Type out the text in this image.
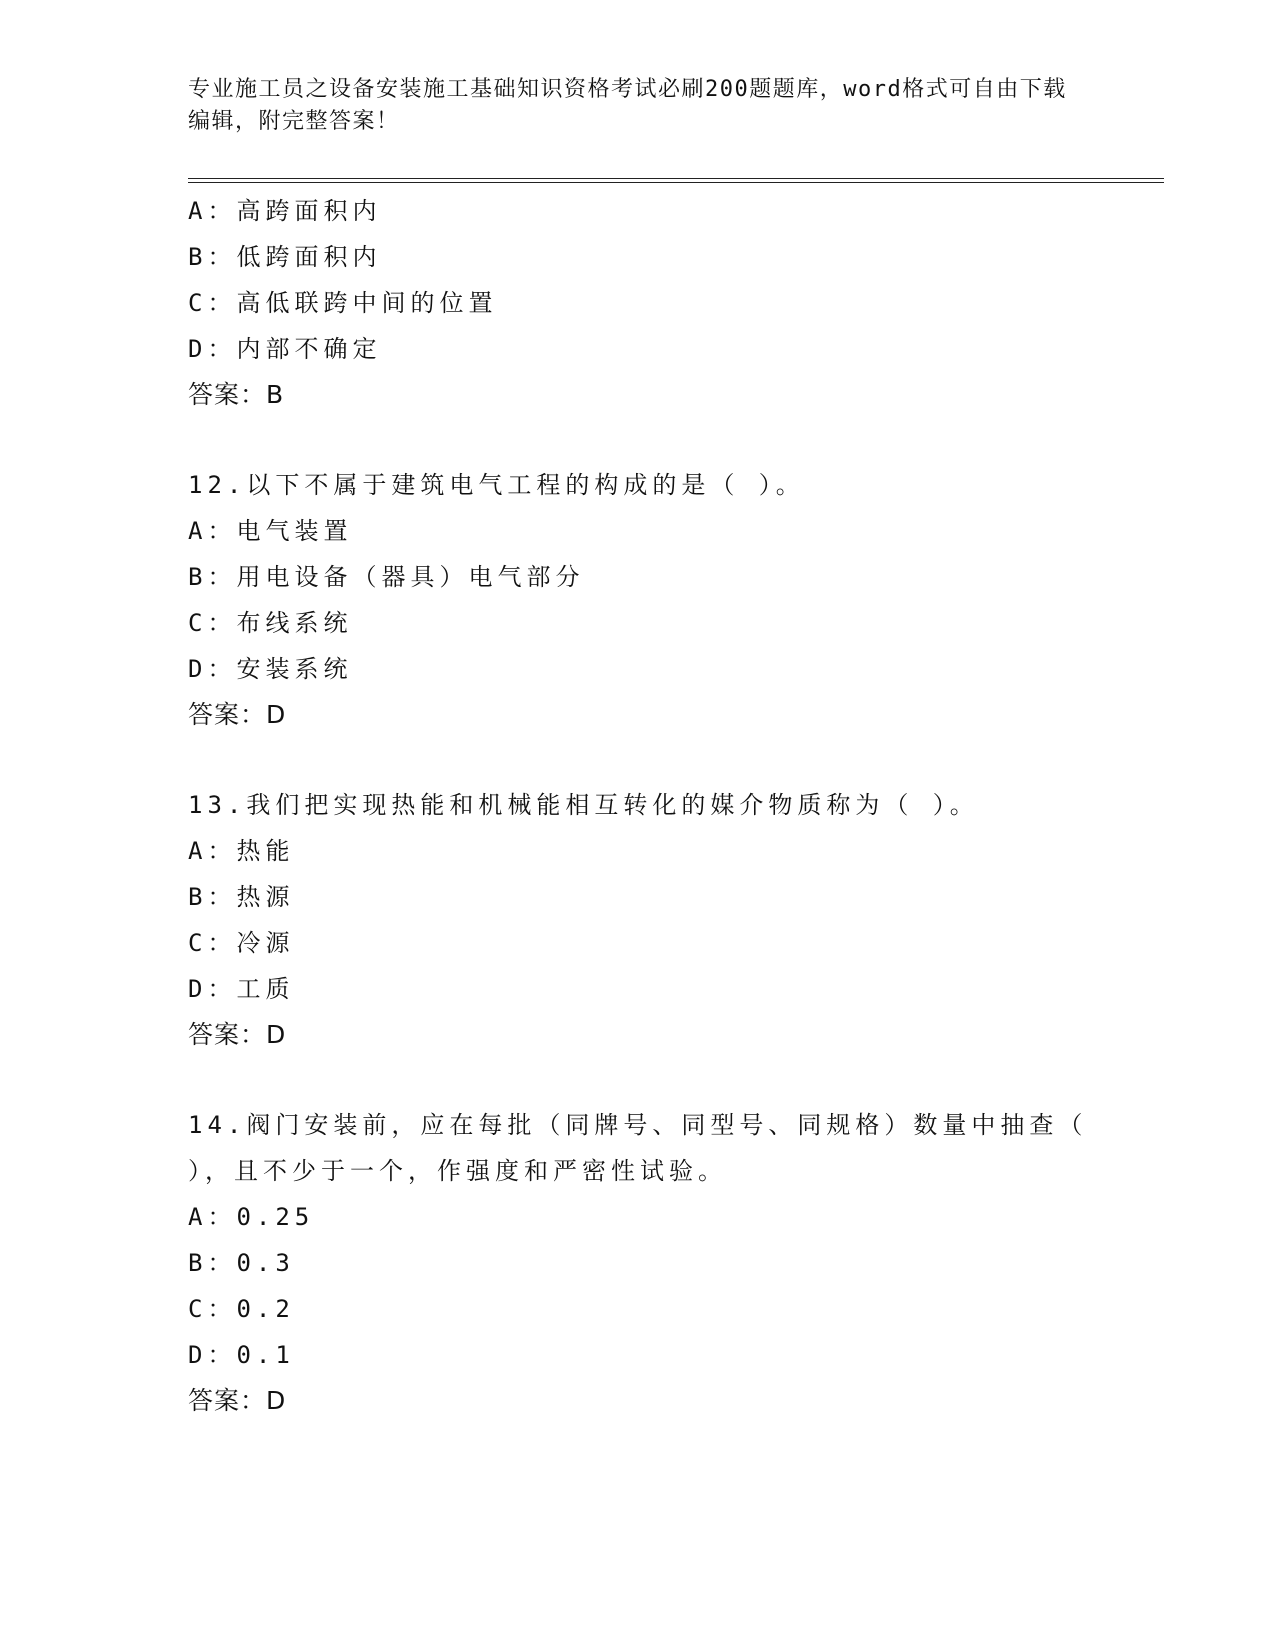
专业施工员之设备安装施工基础知识资格考试必刷200题题库，word格式可自由下载编辑，附完整答案！
A：高跨面积内
B：低跨面积内
C：高低联跨中间的位置
D：内部不确定
答案：B
12.以下不属于建筑电气工程的构成的是（ ）。
A：电气装置
B：用电设备（器具）电气部分
C：布线系统
D：安装系统
答案：D
13.我们把实现热能和机械能相互转化的媒介物质称为（ ）。
A：热能
B：热源
C：冷源
D：工质
答案：D
14.阀门安装前，应在每批（同牌号、同型号、同规格）数量中抽查（ ），且不少于一个，作强度和严密性试验。
A：0.25
B：0.3
C：0.2
D：0.1
答案：D
